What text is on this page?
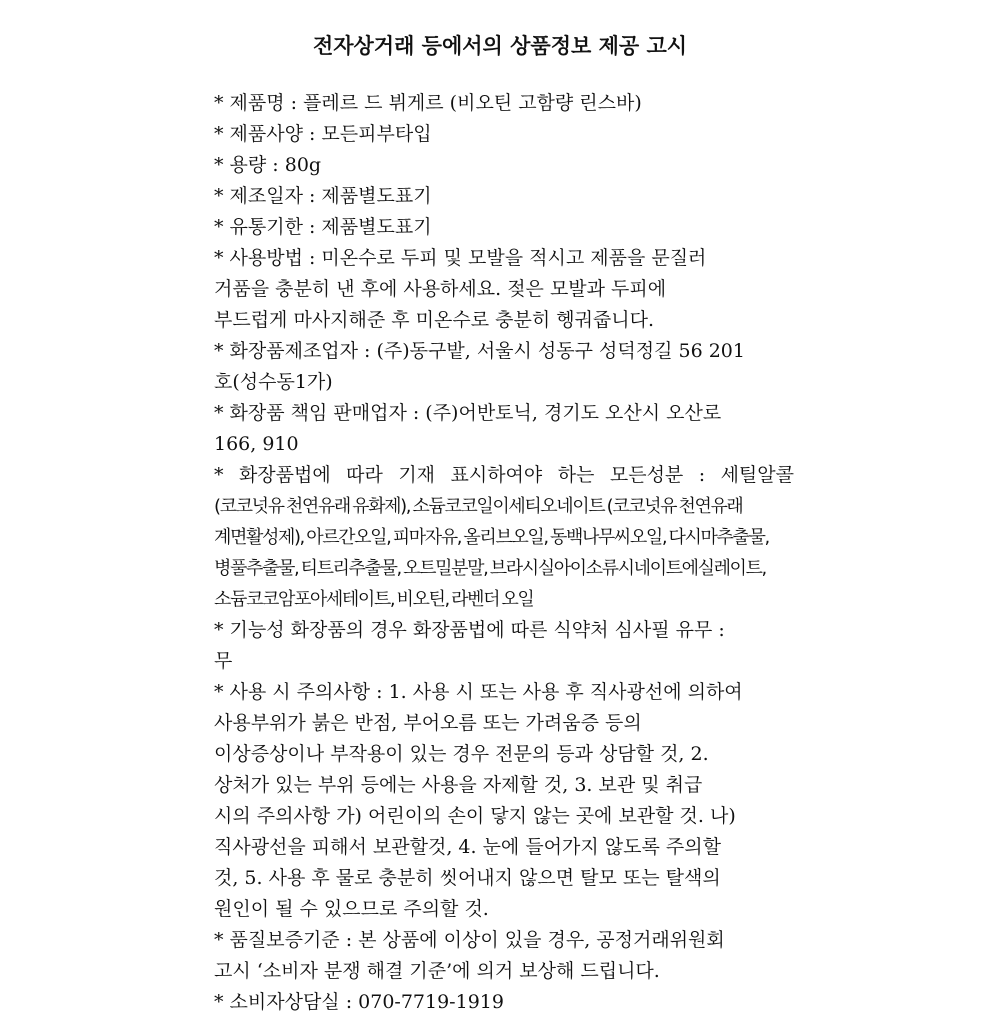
전자상거래 등에서의 상품정보 제공 고시
* 제품명 : 플레르 드 뷔게르 (비오틴 고함량 린스바)
* 제품사양 : 모든피부타입
* 용량 : 80g
* 제조일자 : 제품별도표기
* 유통기한 : 제품별도표기
* 사용방법 : 미온수로 두피 및 모발을 적시고 제품을 문질러
거품을 충분히 낸 후에 사용하세요. 젖은 모발과 두피에
부드럽게 마사지해준 후 미온수로 충분히 헹궈줍니다.
* 화장품제조업자 : (주)동구밭, 서울시 성동구 성덕정길 56 201
호(성수동1가)
* 화장품 책임 판매업자 : (주)어반토닉, 경기도 오산시 오산로
166, 910
* 화장품법에 따라 기재 표시하여야 하는 모든성분 : 세틸알콜
(코코넛유 천연유래 유화제), 소듐코코일이세티오네이트 (코코넛유 천연유래
계면활성제), 아르간오일, 피마자유, 올리브오일, 동백나무씨오일, 다시마추출물,
병풀추출물, 티트리추출물, 오트밀분말, 브라시실아이소류시네이트에실레이트,
소듐코코암포아세테이트, 비오틴, 라벤더 오일
* 기능성 화장품의 경우 화장품법에 따른 식약처 심사필 유무 :
무
* 사용 시 주의사항 : 1. 사용 시 또는 사용 후 직사광선에 의하여
사용부위가 붉은 반점, 부어오름 또는 가려움증 등의
이상증상이나 부작용이 있는 경우 전문의 등과 상담할 것, 2.
상처가 있는 부위 등에는 사용을 자제할 것, 3. 보관 및 취급
시의 주의사항 가) 어린이의 손이 닿지 않는 곳에 보관할 것. 나)
직사광선을 피해서 보관할것, 4. 눈에 들어가지 않도록 주의할
것, 5. 사용 후 물로 충분히 씻어내지 않으면 탈모 또는 탈색의
원인이 될 수 있으므로 주의할 것.
* 품질보증기준 : 본 상품에 이상이 있을 경우, 공정거래위원회
고시 ‘소비자 분쟁 해결 기준’에 의거 보상해 드립니다.
* 소비자상담실 : 070-7719-1919
